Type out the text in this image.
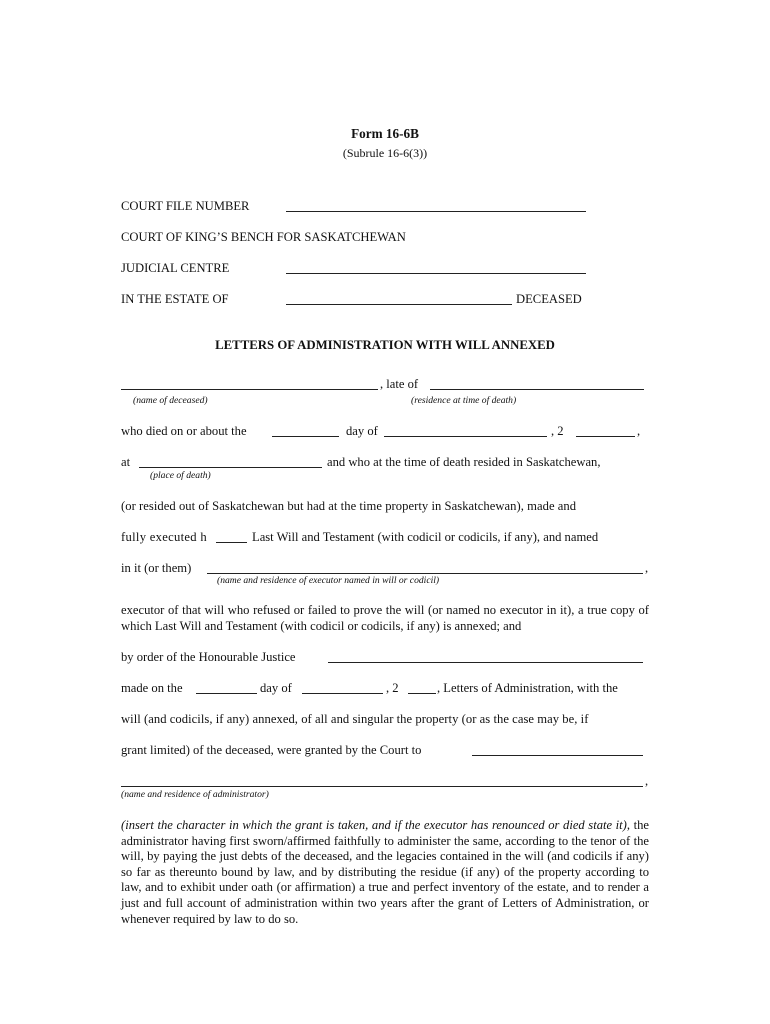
Form 16-6B
(Subrule 16-6(3))
COURT FILE NUMBER
COURT OF KING’S BENCH FOR SASKATCHEWAN
JUDICIAL CENTRE
IN THE ESTATE OF	DECEASED
LETTERS OF ADMINISTRATION WITH WILL ANNEXED
, late of
(name of deceased)	(residence at time of death)
who died on or about the	day of	, 2	,
at	and who at the time of death resided in Saskatchewan,
(place of death)
(or resided out of Saskatchewan but had at the time property in Saskatchewan), made and
fully executed h	Last Will and Testament (with codicil or codicils, if any), and named
in it (or them)	,
(name and residence of executor named in will or codicil)
executor of that will who refused or failed to prove the will (or named no executor in it), a true copy of which Last Will and Testament (with codicil or codicils, if any) is annexed; and
by order of the Honourable Justice
made on the	day of	, 2	, Letters of Administration, with the
will (and codicils, if any) annexed, of all and singular the property (or as the case may be, if
grant limited) of the deceased, were granted by the Court to
,
(name and residence of administrator)
(insert the character in which the grant is taken, and if the executor has renounced or died state it), the administrator having first sworn/affirmed faithfully to administer the same, according to the tenor of the will, by paying the just debts of the deceased, and the legacies contained in the will (and codicils if any) so far as thereunto bound by law, and by distributing the residue (if any) of the property according to law, and to exhibit under oath (or affirmation) a true and perfect inventory of the estate, and to render a just and full account of administration within two years after the grant of Letters of Administration, or whenever required by law to do so.
